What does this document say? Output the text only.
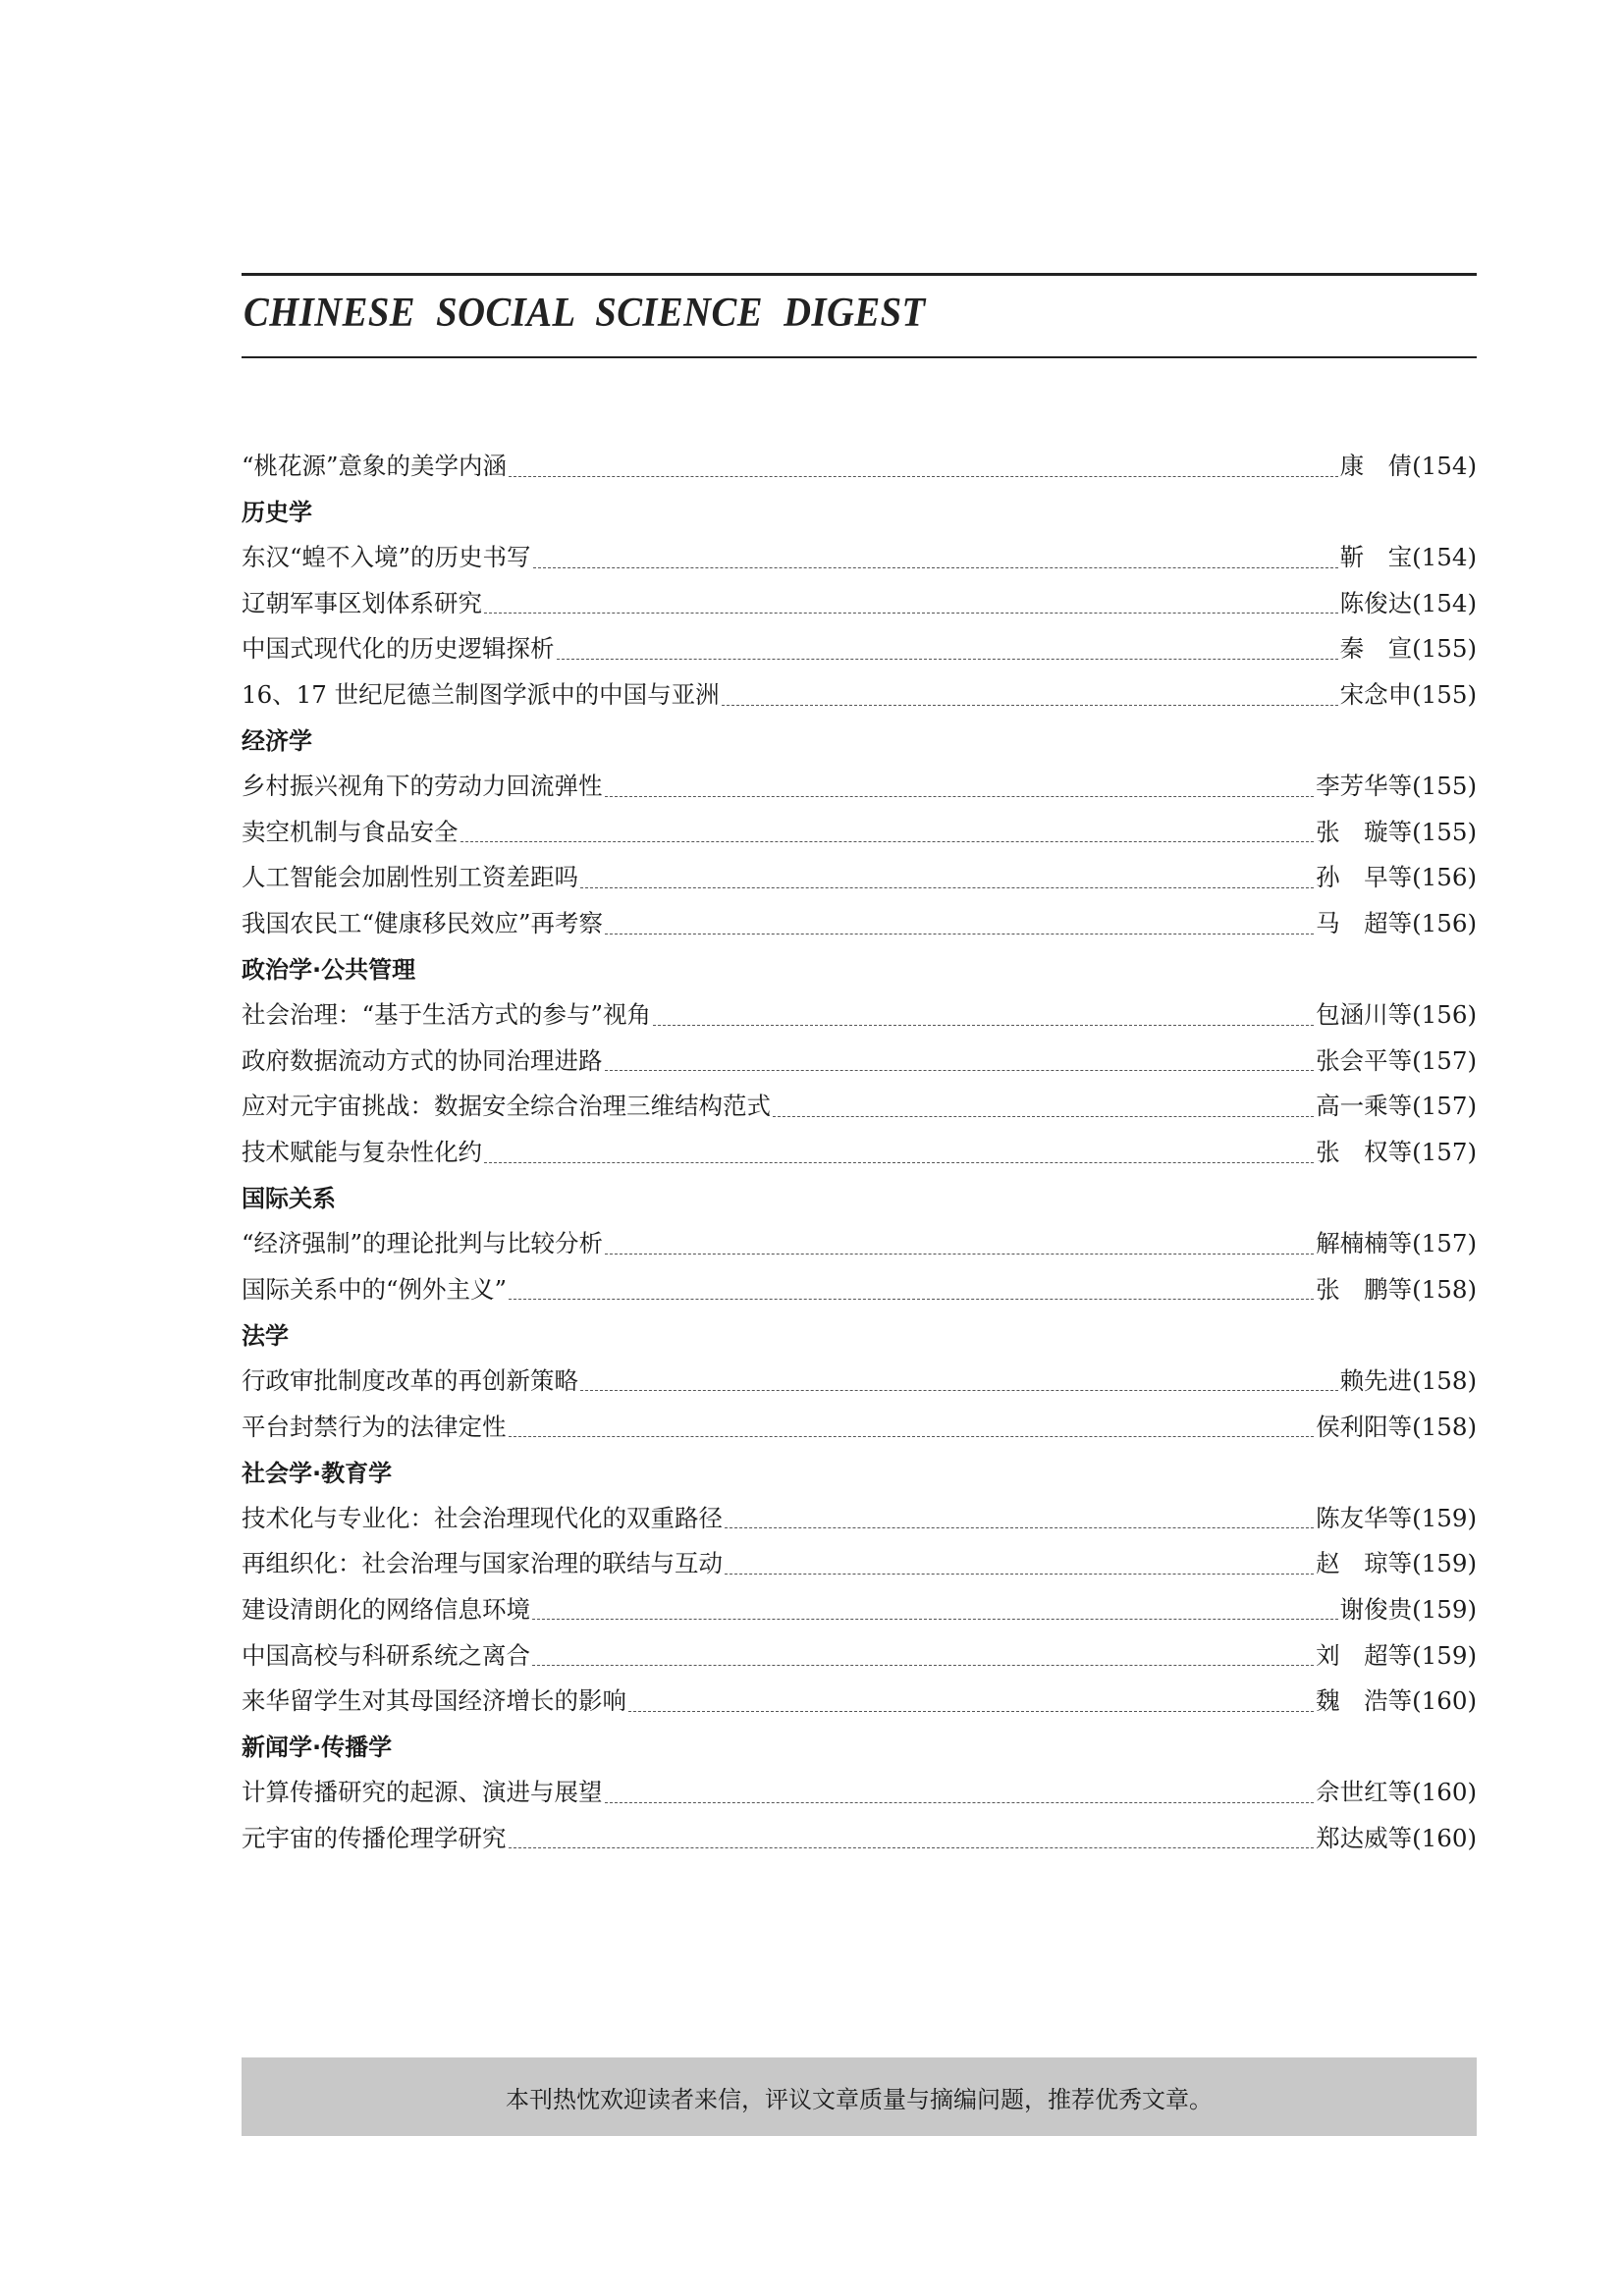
CHINESE SOCIAL SCIENCE DIGEST
“桃花源”意象的美学内涵	康　倩(154)
历史学
东汉“蝗不入境”的历史书写	靳　宝(154)
辽朝军事区划体系研究	陈俊达(154)
中国式现代化的历史逻辑探析	秦　宣(155)
16、17 世纪尼德兰制图学派中的中国与亚洲	宋念申(155)
经济学
乡村振兴视角下的劳动力回流弹性	李芳华等(155)
卖空机制与食品安全	张　璇等(155)
人工智能会加剧性别工资差距吗	孙　早等(156)
我国农民工“健康移民效应”再考察	马　超等(156)
政治学·公共管理
社会治理：“基于生活方式的参与”视角	包涵川等(156)
政府数据流动方式的协同治理进路	张会平等(157)
应对元宇宙挑战：数据安全综合治理三维结构范式	高一乘等(157)
技术赋能与复杂性化约	张　权等(157)
国际关系
“经济强制”的理论批判与比较分析	解楠楠等(157)
国际关系中的“例外主义”	张　鹏等(158)
法学
行政审批制度改革的再创新策略	赖先进(158)
平台封禁行为的法律定性	侯利阳等(158)
社会学·教育学
技术化与专业化：社会治理现代化的双重路径	陈友华等(159)
再组织化：社会治理与国家治理的联结与互动	赵　琼等(159)
建设清朗化的网络信息环境	谢俊贵(159)
中国高校与科研系统之离合	刘　超等(159)
来华留学生对其母国经济增长的影响	魏　浩等(160)
新闻学·传播学
计算传播研究的起源、演进与展望	佘世红等(160)
元宇宙的传播伦理学研究	郑达威等(160)
本刊热忱欢迎读者来信，评议文章质量与摘编问题，推荐优秀文章。
